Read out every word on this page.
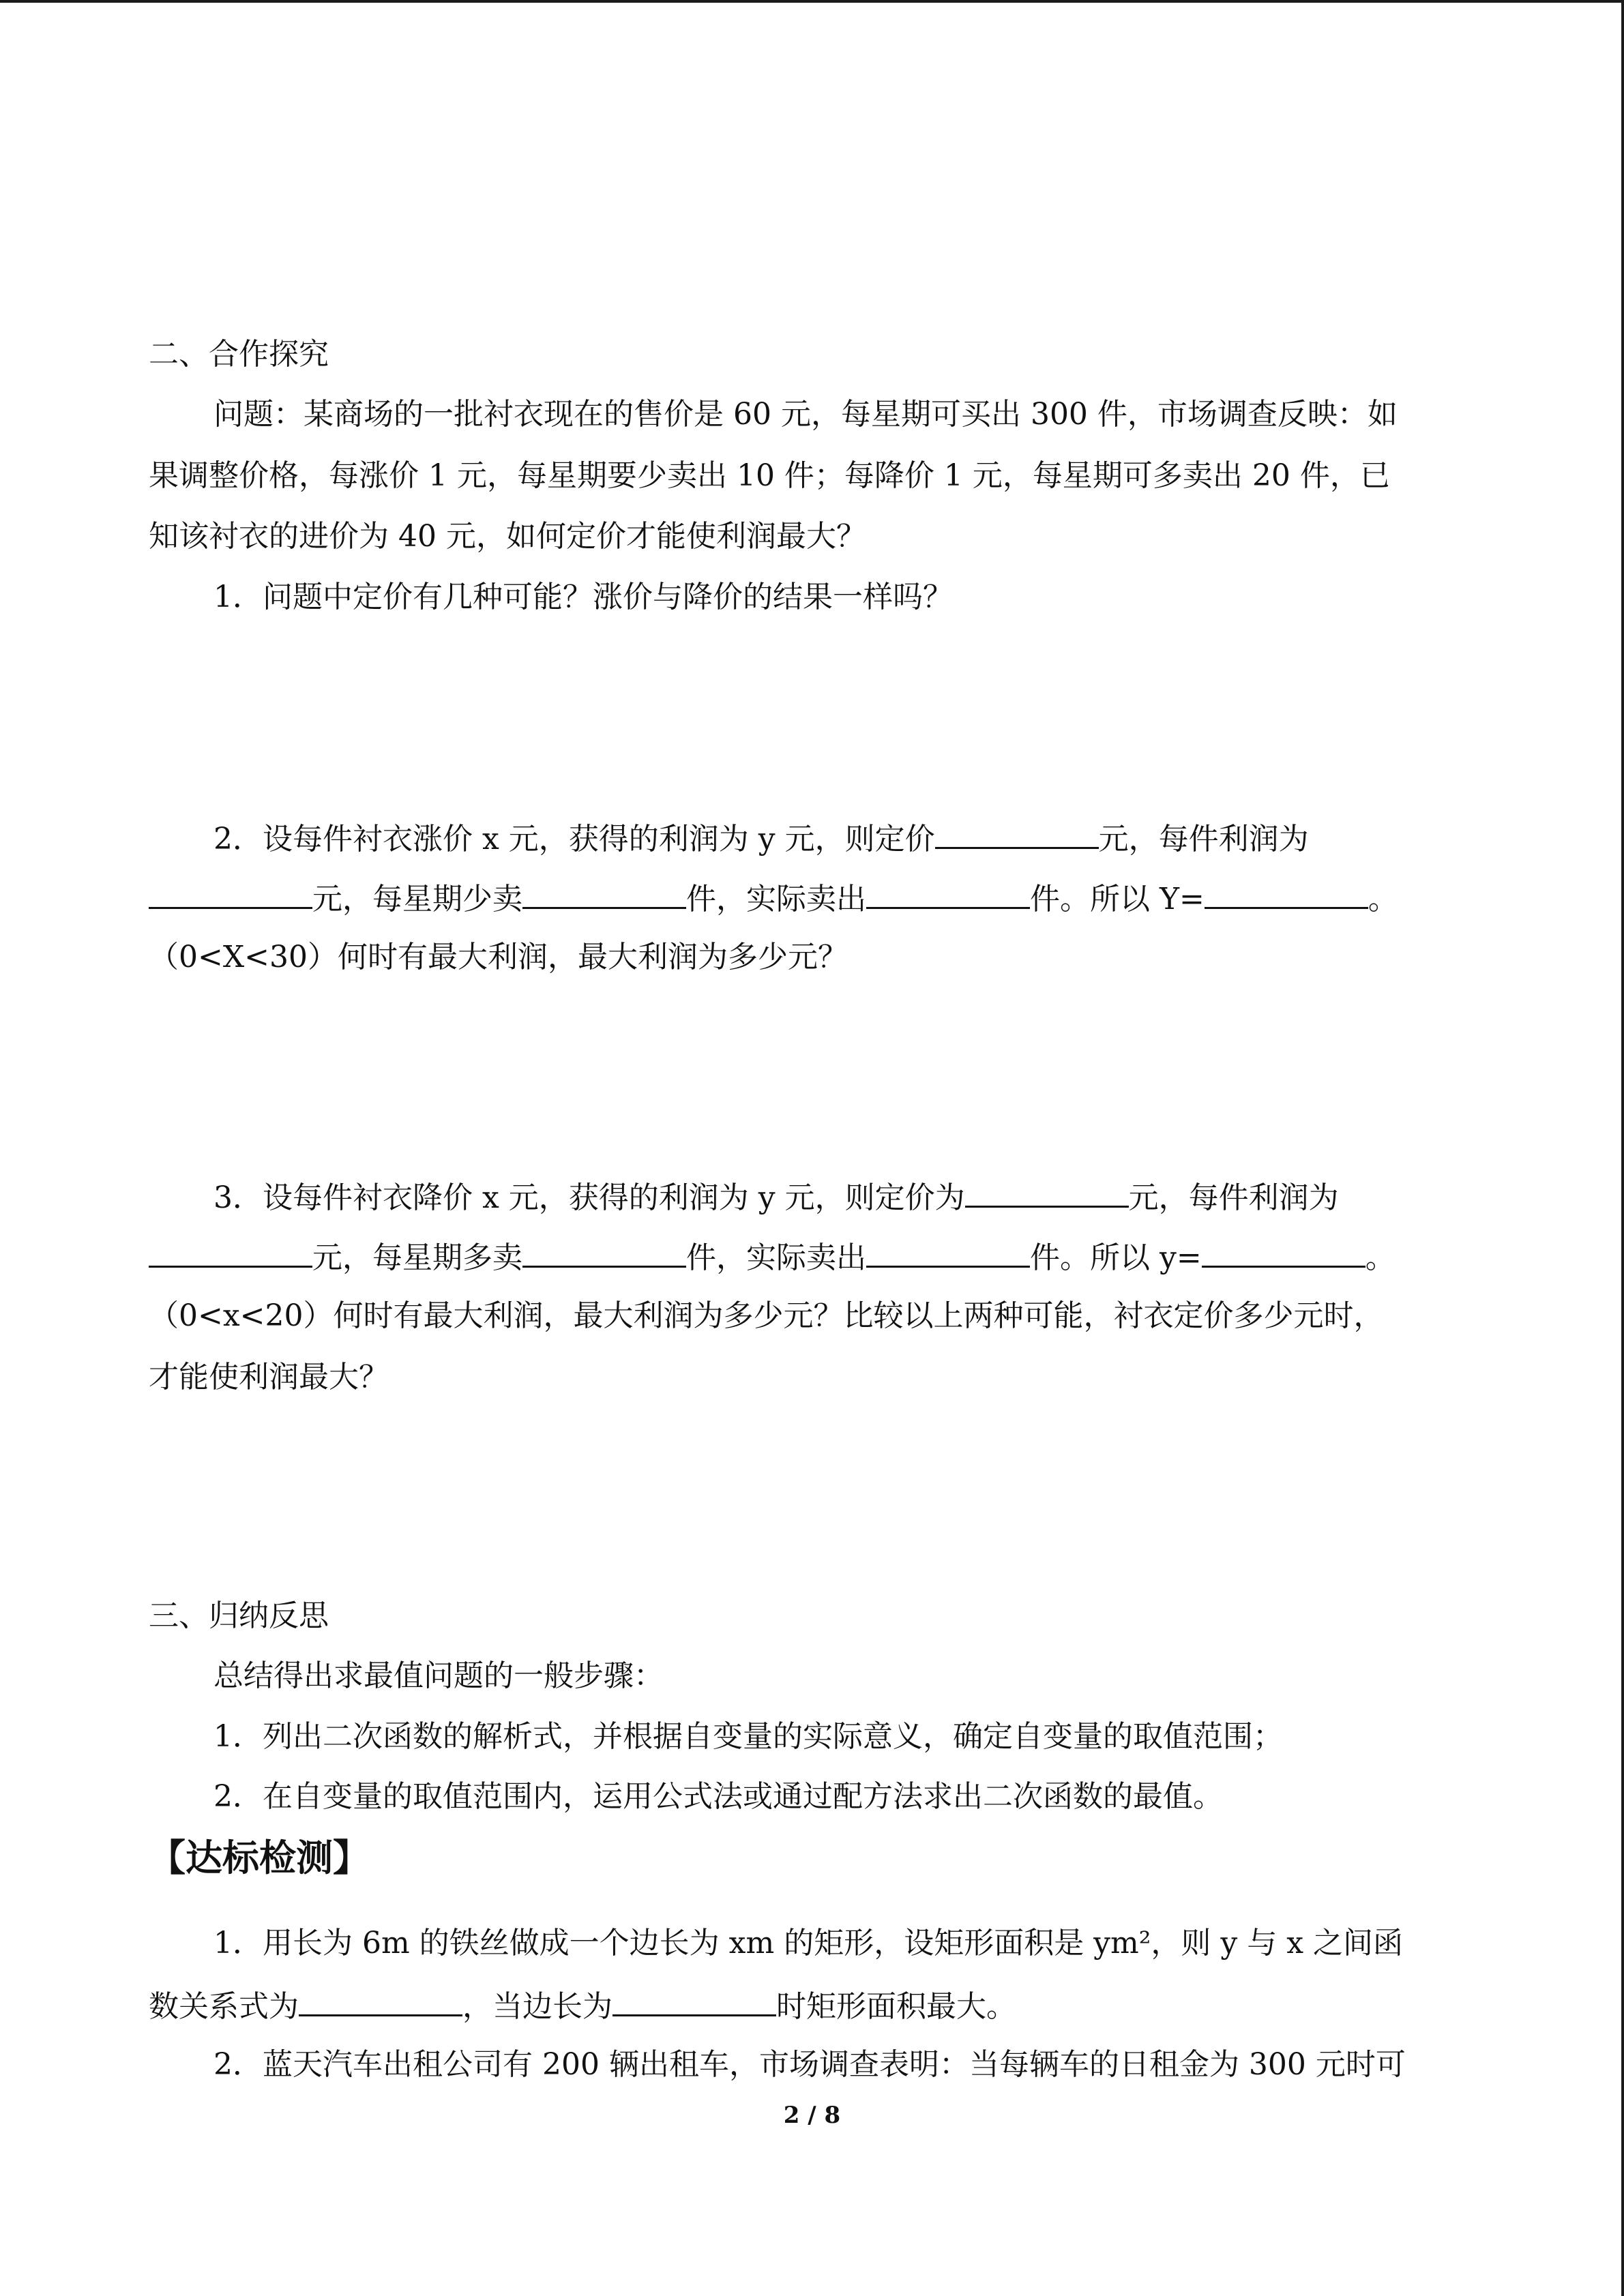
二、合作探究
问题：某商场的一批衬衣现在的售价是 60 元，每星期可买出 300 件，市场调查反映：如
果调整价格，每涨价 1 元，每星期要少卖出 10 件；每降价 1 元，每星期可多卖出 20 件，已
知该衬衣的进价为 40 元，如何定价才能使利润最大？
1．问题中定价有几种可能？涨价与降价的结果一样吗？
2．设每件衬衣涨价 x 元，获得的利润为 y 元，则定价	元，每件利润为
元，每星期少卖	件，实际卖出	件。所以 Y=	。
（0<X<30）何时有最大利润，最大利润为多少元？
3．设每件衬衣降价 x 元，获得的利润为 y 元，则定价为	元，每件利润为
元，每星期多卖	件，实际卖出	件。所以 y=	。
（0<x<20）何时有最大利润，最大利润为多少元？比较以上两种可能，衬衣定价多少元时，
才能使利润最大？
三、归纳反思
总结得出求最值问题的一般步骤：
1．列出二次函数的解析式，并根据自变量的实际意义，确定自变量的取值范围；
2．在自变量的取值范围内，运用公式法或通过配方法求出二次函数的最值。
【达标检测】
1．用长为 6m 的铁丝做成一个边长为 xm 的矩形，设矩形面积是 ym²，则 y 与 x 之间函
数关系式为	，当边长为	时矩形面积最大。
2．蓝天汽车出租公司有 200 辆出租车，市场调查表明：当每辆车的日租金为 300 元时可
2 / 8
